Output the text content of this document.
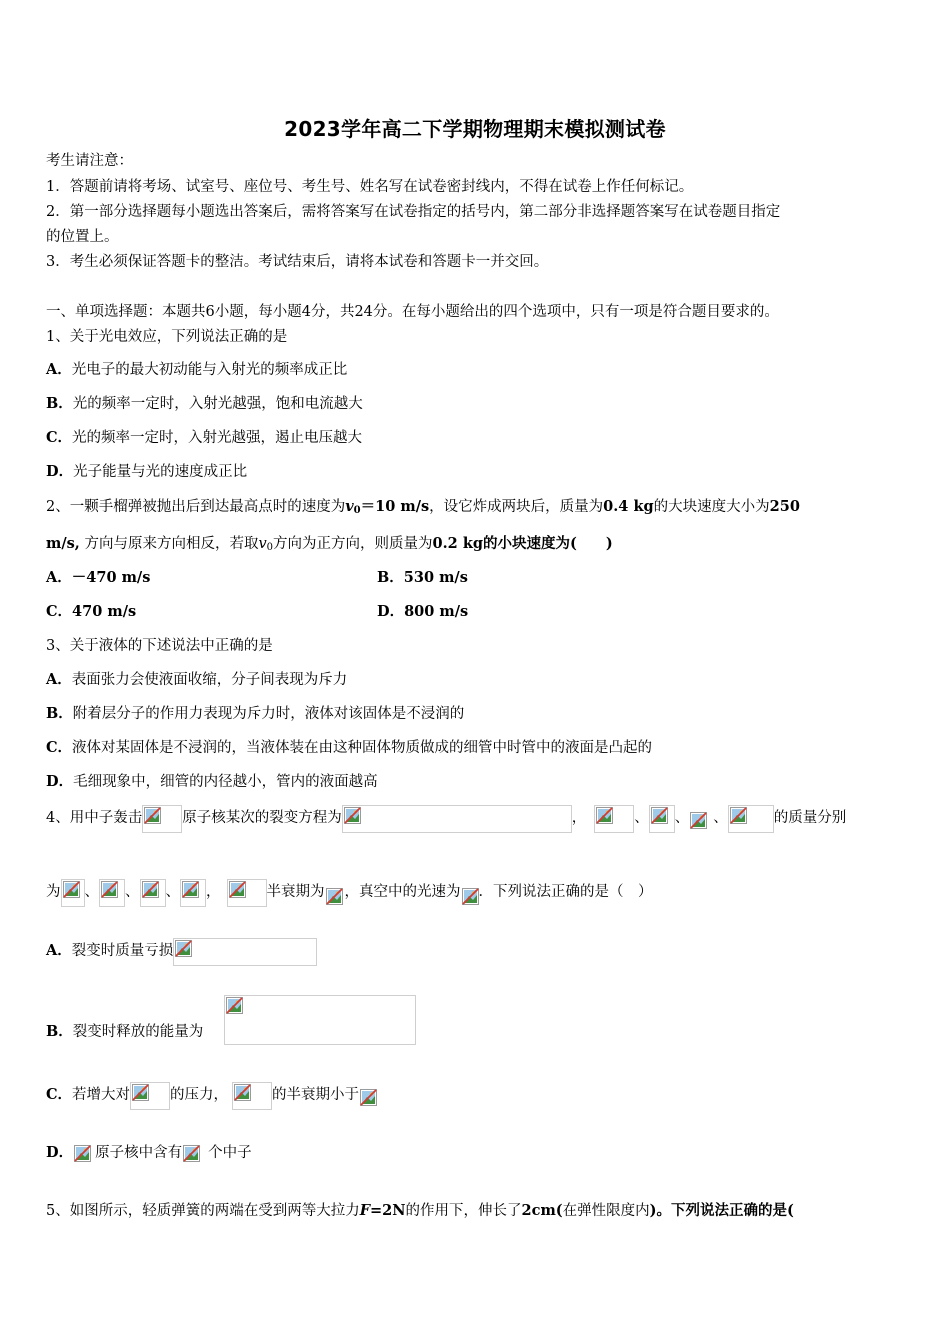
2023学年高二下学期物理期末模拟测试卷
考生请注意：
1．答题前请将考场、试室号、座位号、考生号、姓名写在试卷密封线内，不得在试卷上作任何标记。
2．第一部分选择题每小题选出答案后，需将答案写在试卷指定的括号内，第二部分非选择题答案写在试卷题目指定
的位置上。
3．考生必须保证答题卡的整洁。考试结束后，请将本试卷和答题卡一并交回。
一、单项选择题：本题共6小题，每小题4分，共24分。在每小题给出的四个选项中，只有一项是符合题目要求的。
1、关于光电效应，下列说法正确的是
A．光电子的最大初动能与入射光的频率成正比
B．光的频率一定时，入射光越强，饱和电流越大
C．光的频率一定时，入射光越强，遏止电压越大
D．光子能量与光的速度成正比
2、一颗手榴弹被抛出后到达最高点时的速度为$v_0=10$ m/s，设它炸成两块后，质量为0.4 kg的大块速度大小为250
m/s, 方向与原来方向相反，若取$v_0$方向为正方向，则质量为0.2 kg的小块速度为(　　)
A．－470 m/s	B．530 m/s
C．470 m/s	D．800 m/s
3、关于液体的下述说法中正确的是
A．表面张力会使液面收缩，分子间表现为斥力
B．附着层分子的作用力表现为斥力时，液体对该固体是不浸润的
C．液体对某固体是不浸润的，当液体装在由这种固体物质做成的细管中时管中的液面是凸起的
D．毛细现象中，细管的内径越小，管内的液面越高
4、用中子轰击	原子核某次的裂变方程为	，	、 、 、	的质量分别
为 、 、 、 ，	半衰期为 ，真空中的光速为 ．下列说法正确的是（　）
A．裂变时质量亏损
B．裂变时释放的能量为
C．若增大对	的压力，	的半衰期小于
D． 原子核中含有 个中子
5、如图所示，轻质弹簧的两端在受到两等大拉力F=2N的作用下，伸长了2cm(在弹性限度内)。下列说法正确的是(
